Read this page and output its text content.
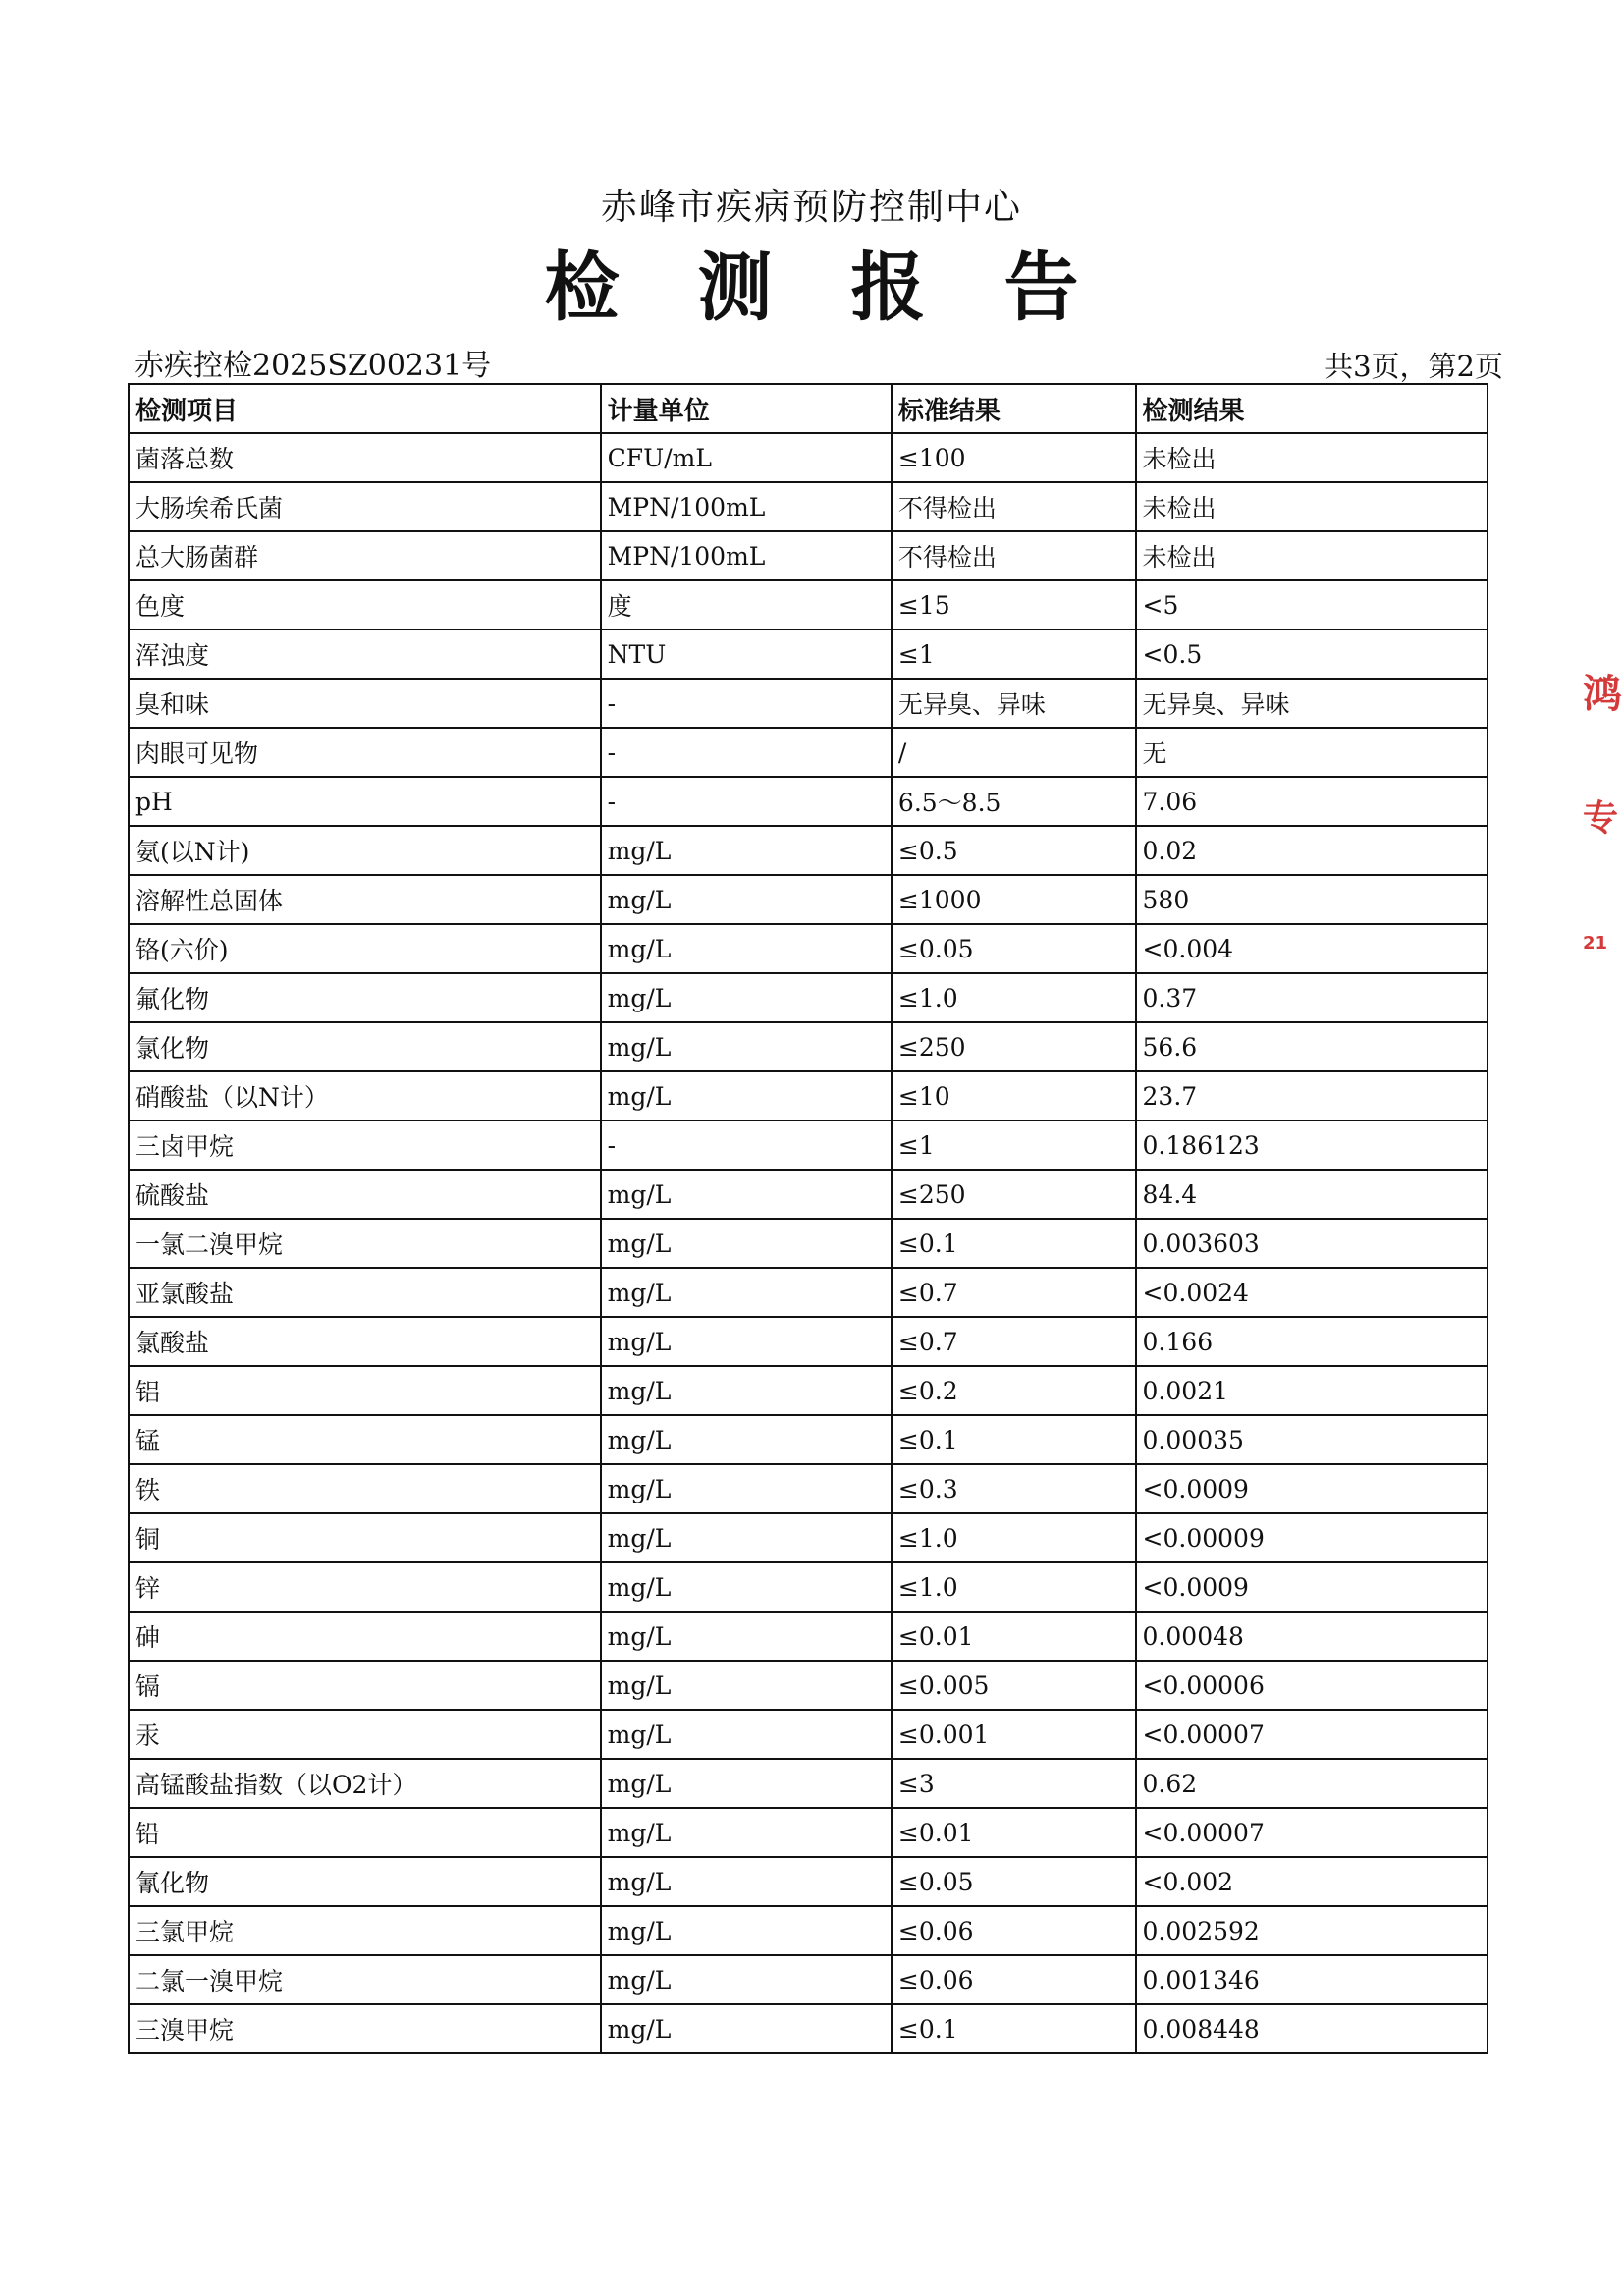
赤峰市疾病预防控制中心
检 测 报 告
赤疾控检2025SZ00231号	共3页，第2页
检测项目	计量单位	标准结果	检测结果
菌落总数	CFU/mL	≤100	未检出
大肠埃希氏菌	MPN/100mL	不得检出	未检出
总大肠菌群	MPN/100mL	不得检出	未检出
色度	度	≤15	<5
浑浊度	NTU	≤1	<0.5
臭和味	-	无异臭、异味	无异臭、异味
肉眼可见物	-	/	无
pH	-	6.5～8.5	7.06
氨(以N计)	mg/L	≤0.5	0.02
溶解性总固体	mg/L	≤1000	580
铬(六价)	mg/L	≤0.05	<0.004
氟化物	mg/L	≤1.0	0.37
氯化物	mg/L	≤250	56.6
硝酸盐（以N计）	mg/L	≤10	23.7
三卤甲烷	-	≤1	0.186123
硫酸盐	mg/L	≤250	84.4
一氯二溴甲烷	mg/L	≤0.1	0.003603
亚氯酸盐	mg/L	≤0.7	<0.0024
氯酸盐	mg/L	≤0.7	0.166
铝	mg/L	≤0.2	0.0021
锰	mg/L	≤0.1	0.00035
铁	mg/L	≤0.3	<0.0009
铜	mg/L	≤1.0	<0.00009
锌	mg/L	≤1.0	<0.0009
砷	mg/L	≤0.01	0.00048
镉	mg/L	≤0.005	<0.00006
汞	mg/L	≤0.001	<0.00007
高锰酸盐指数（以O2计）	mg/L	≤3	0.62
铅	mg/L	≤0.01	<0.00007
氰化物	mg/L	≤0.05	<0.002
三氯甲烷	mg/L	≤0.06	0.002592
二氯一溴甲烷	mg/L	≤0.06	0.001346
三溴甲烷	mg/L	≤0.1	0.008448
鸿
专
21
